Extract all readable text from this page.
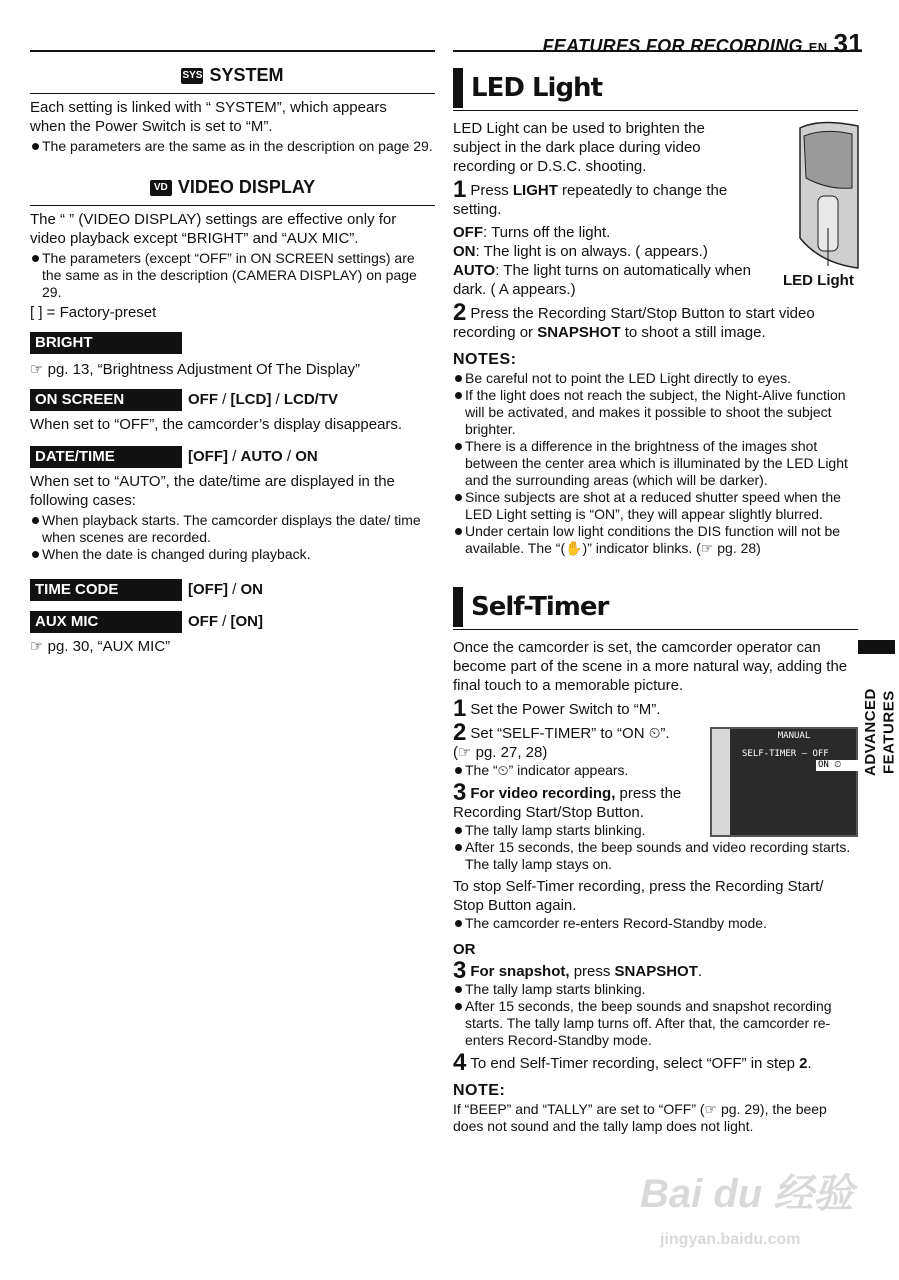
FEATURES FOR RECORDING EN 31
SYS SYSTEM

Each setting is linked with “ SYSTEM”, which appears

when the Power Switch is set to “M”.

The parameters are the same as in the description on page 29.
VD VIDEO DISPLAY

The “ ” (VIDEO DISPLAY) settings are effective only for

video playback except “BRIGHT” and “AUX MIC”.

The parameters (except “OFF” in ON SCREEN settings) are the same as in the description (CAMERA DISPLAY) on page 29.

[ ] = Factory-preset

BRIGHT

☞ pg. 13, “Brightness Adjustment Of The Display”

ON SCREEN	OFF / [LCD] / LCD/TV

When set to “OFF”, the camcorder’s display disappears.

DATE/TIME	[OFF] / AUTO / ON

When set to “AUTO”, the date/time are displayed in the following cases:

When playback starts. The camcorder displays the date/ time when scenes are recorded.
When the date is changed during playback.
TIME CODE	[OFF] / ON
AUX MIC	OFF / [ON]

☞ pg. 30, “AUX MIC”

LED Light

LED Light can be used to brighten the subject in the dark place during video recording or D.S.C. shooting.

1 Press LIGHT repeatedly to change the setting.

OFF: Turns off the light.

ON: The light is on always. ( appears.)

AUTO: The light turns on automatically when dark. ( A appears.)

2 Press the Recording Start/Stop Button to start video recording or SNAPSHOT to shoot a still image.
NOTES:
Be careful not to point the LED Light directly to eyes.
If the light does not reach the subject, the Night-Alive function will be activated, and makes it possible to shoot the subject brighter.
There is a difference in the brightness of the images shot between the center area which is illuminated by the LED Light and the surrounding areas (which will be darker).
Since subjects are shot at a reduced shutter speed when the LED Light setting is “ON”, they will appear slightly blurred.
Under certain low light conditions the DIS function will not be available. The “(✋)” indicator blinks. (☞ pg. 28)
LED Light
Self-Timer

Once the camcorder is set, the camcorder operator can become part of the scene in a more natural way, adding the final touch to a memorable picture.

1 Set the Power Switch to “M”.
2 Set “SELF-TIMER” to “ON ⏲”.

(☞ pg. 27, 28)

The “⏲” indicator appears.
3 For video recording, press the Recording Start/Stop Button.
The tally lamp starts blinking.
After 15 seconds, the beep sounds and video recording starts. The tally lamp stays on.

To stop Self-Timer recording, press the Recording Start/ Stop Button again.

The camcorder re-enters Record-Standby mode.

OR

3 For snapshot, press SNAPSHOT.
The tally lamp starts blinking.
After 15 seconds, the beep sounds and snapshot recording starts. The tally lamp turns off. After that, the camcorder re-enters Record-Standby mode.
4 To end Self-Timer recording, select “OFF” in step 2.
NOTE:

If “BEEP” and “TALLY” are set to “OFF” (☞ pg. 29), the beep does not sound and the tally lamp does not light.

MANUAL
SELF-TIMER – OFF
ON ⏲	ADVANCED FEATURES
Bai du 经验
jingyan.baidu.com
